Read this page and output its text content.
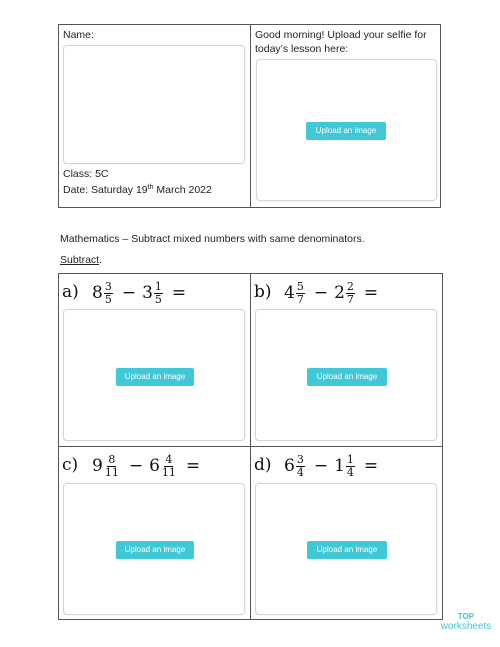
Name:
Class: 5C
Date: Saturday 19th March 2022
Good morning! Upload your selfie for today’s lesson here:
Upload an image
Mathematics – Subtract mixed numbers with same denominators.
Subtract.
a) $8 \frac{3}{5} - 3 \frac{1}{5}$ =
Upload an image
b) $4 \frac{5}{7} - 2 \frac{2}{7}$ =
Upload an image
c) $9 \frac{8}{11} - 6 \frac{4}{11}$ =
Upload an image
d) $6 \frac{3}{4} - 1 \frac{1}{4}$ =
Upload an image
TOP
worksheets
